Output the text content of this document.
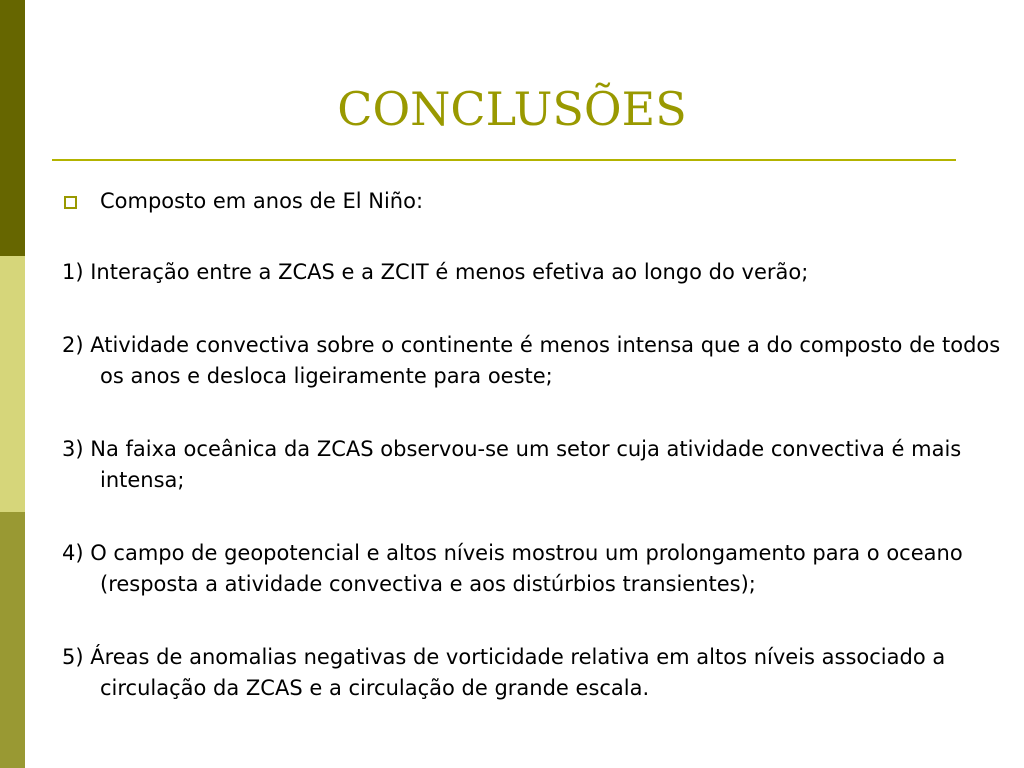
CONCLUSÕES
Composto em anos de El Niño:

1) Interação entre a ZCAS e a ZCIT é menos efetiva ao longo do verão;

2) Atividade convectiva sobre o continente é menos intensa que a do composto de todos os anos e desloca ligeiramente para oeste;

3) Na faixa oceânica da ZCAS observou-se um setor cuja atividade convectiva é mais intensa;

4) O campo de geopotencial e altos níveis mostrou um prolongamento para o oceano (resposta a atividade convectiva e aos distúrbios transientes);

5) Áreas de anomalias negativas de vorticidade relativa em altos níveis associado a circulação da ZCAS e a circulação de grande escala.
